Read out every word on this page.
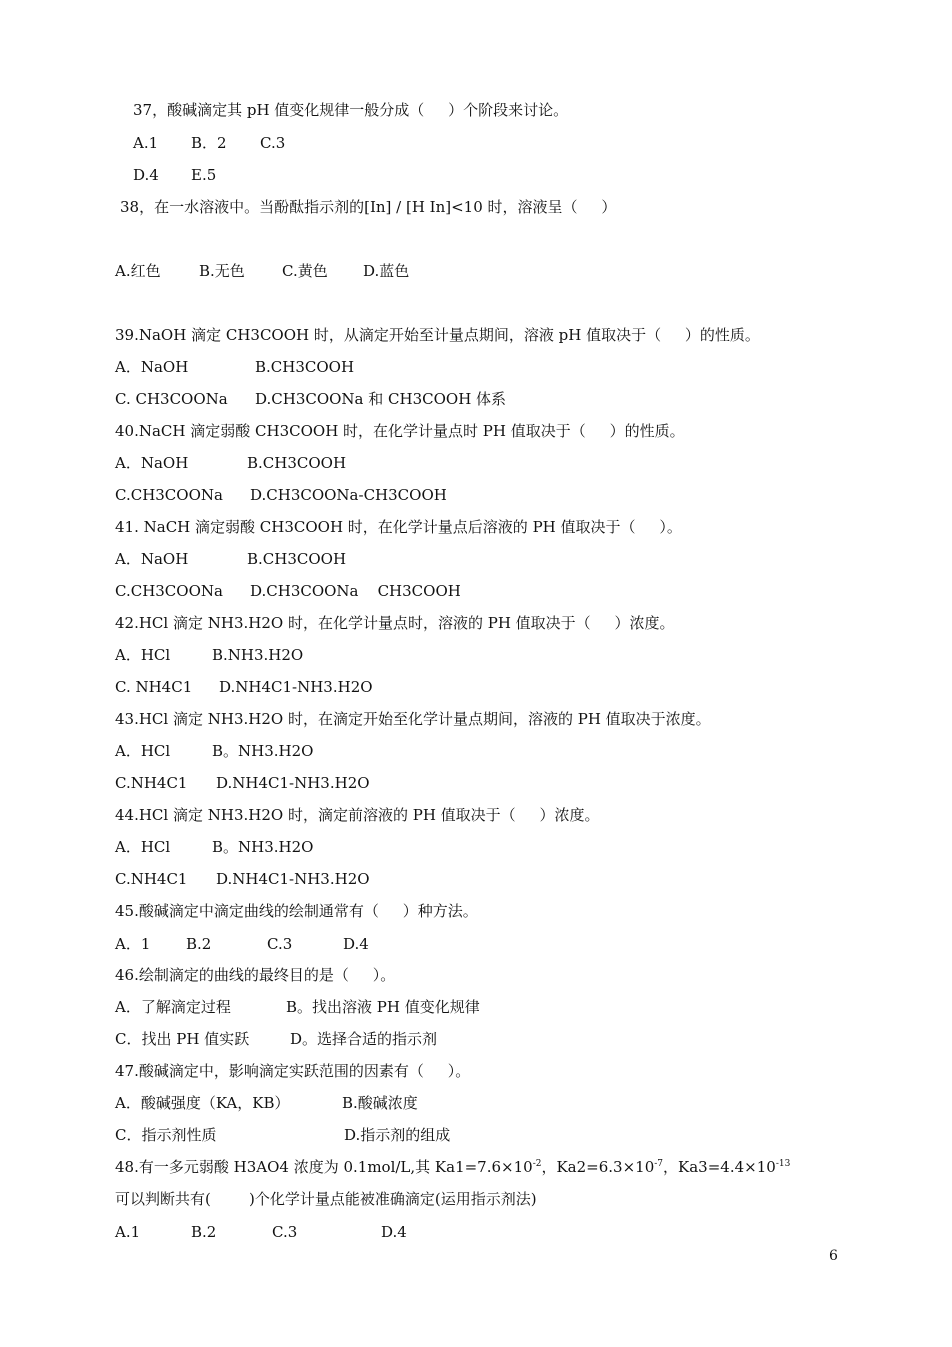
37，酸碱滴定其 pH 值变化规律一般分成（     ）个阶段来讨论。
A.1 B．2 C.3
D.4 E.5
38，在一水溶液中。当酚酞指示剂的[In] / [H In]<10 时，溶液呈（     ）
A.红色	B.无色 C.黄色 D.蓝色
39.NaOH 滴定 CH3COOH 时，从滴定开始至计量点期间，溶液 pH 值取决于（     ）的性质。
A．NaOH	B.CH3COOH
C. CH3COONa D.CH3COONa 和 CH3COOH 体系
40.NaCH 滴定弱酸 CH3COOH 时，在化学计量点时 PH 值取决于（     ）的性质。
A．NaOH	B.CH3COOH
C.CH3COONa D.CH3COONa-CH3COOH
41. NaCH 滴定弱酸 CH3COOH 时，在化学计量点后溶液的 PH 值取决于（     ）。
A．NaOH	B.CH3COOH
C.CH3COONa D.CH3COONa    CH3COOH
42.HCl 滴定 NH3.H2O 时，在化学计量点时，溶液的 PH 值取决于（     ）浓度。
A．HCl	B.NH3.H2O
C. NH4C1 D.NH4C1-NH3.H2O
43.HCl 滴定 NH3.H2O 时，在滴定开始至化学计量点期间，溶液的 PH 值取决于浓度。
A．HCl	B。NH3.H2O
C.NH4C1 D.NH4C1-NH3.H2O
44.HCl 滴定 NH3.H2O 时，滴定前溶液的 PH 值取决于（     ）浓度。
A．HCl	B。NH3.H2O
C.NH4C1 D.NH4C1-NH3.H2O
45.酸碱滴定中滴定曲线的绘制通常有（     ）种方法。
A．1 B.2	C.3	D.4
46.绘制滴定的曲线的最终目的是（     ）。
A．了解滴定过程	B。找出溶液 PH 值变化规律
C．找出 PH 值实跃	D。选择合适的指示剂
47.酸碱滴定中，影响滴定实跃范围的因素有（     ）。
A．酸碱强度（KA，KB）	B.酸碱浓度
C．指示剂性质	D.指示剂的组成
48.有一多元弱酸 H3AO4 浓度为 0.1mol/L,其 $Ka1=7.6\times 10^{-2}$，$Ka2=6.3\times 10^{-7}$，$Ka3=4.4\times 10^{-13}$
可以判断共有(        )个化学计量点能被准确滴定(运用指示剂法)
A.1	B.2	C.3	D.4
6
